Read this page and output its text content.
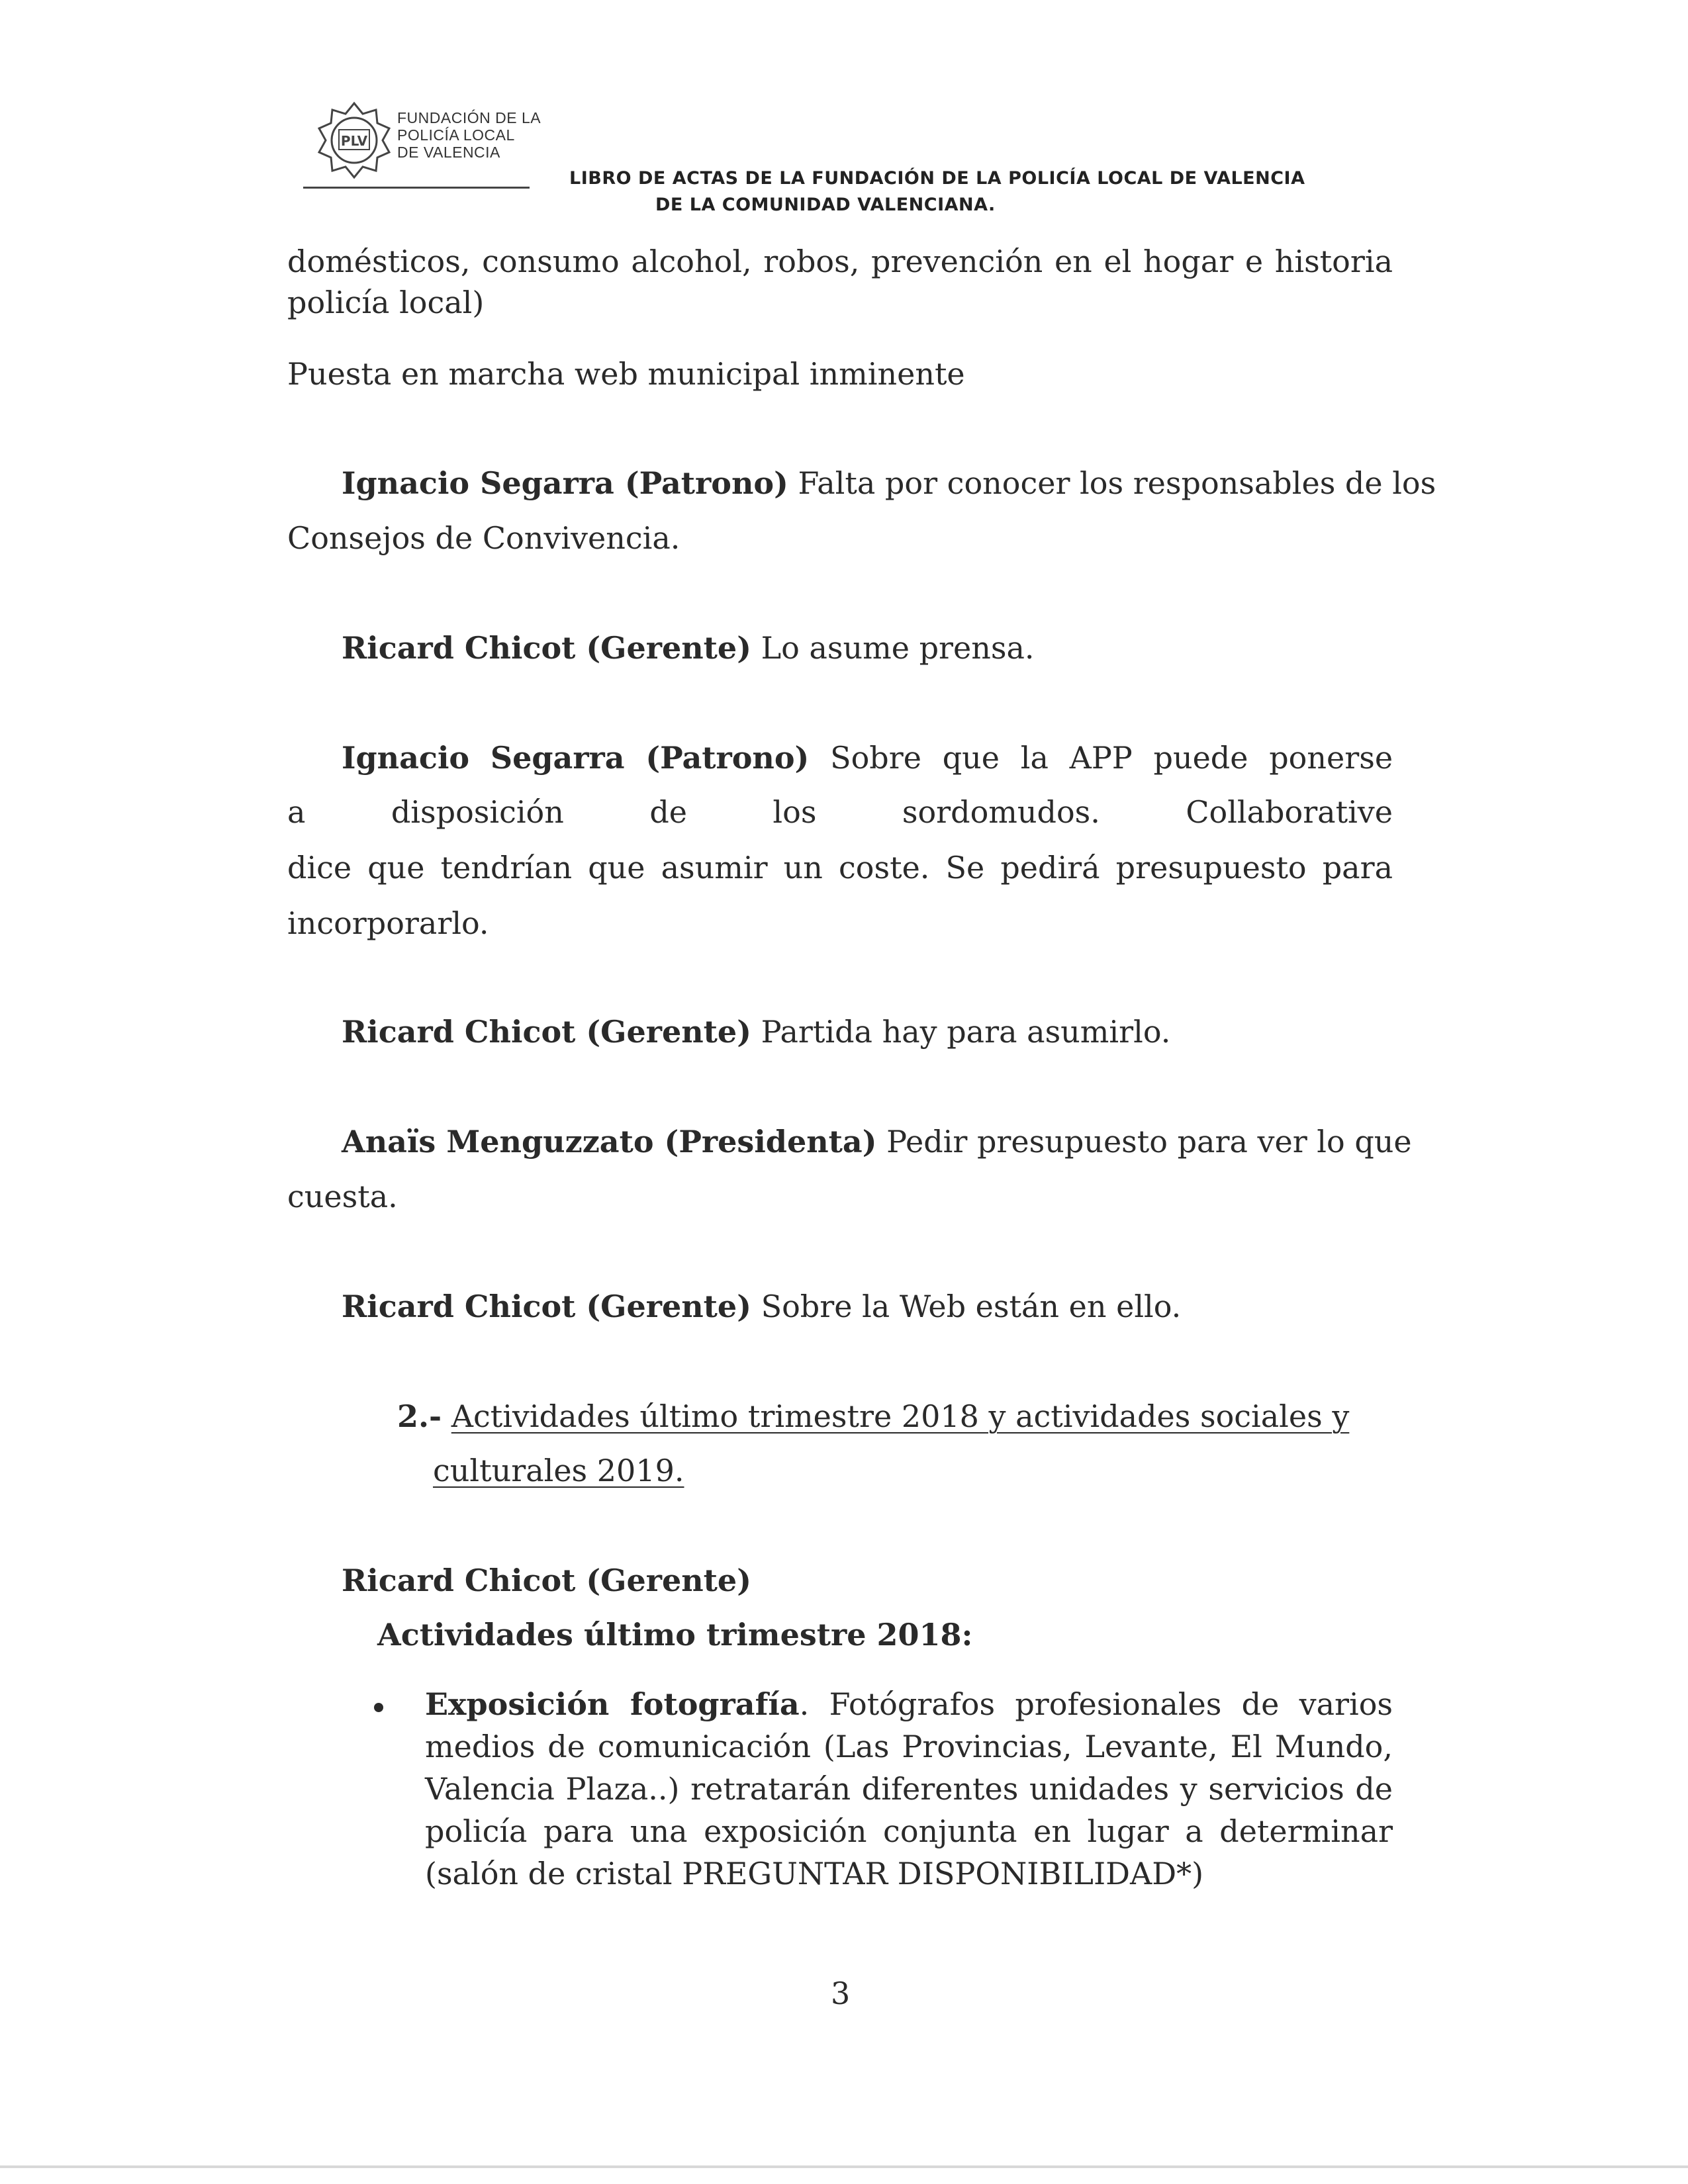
PLV
FUNDACIÓN DE LA
POLICÍA LOCAL
DE VALENCIA
LIBRO DE ACTAS DE LA FUNDACIÓN DE LA POLICÍA LOCAL DE VALENCIA
DE LA COMUNIDAD VALENCIANA.
domésticos, consumo alcohol, robos, prevención en el hogar e historia
policía local)
Puesta en marcha web municipal inminente
Ignacio Segarra (Patrono) Falta por conocer los responsables de los
Consejos de Convivencia.
Ricard Chicot (Gerente) Lo asume prensa.
Ignacio Segarra (Patrono) Sobre que la APP puede ponerse
a	disposición	de	los	sordomudos.	Collaborative
dice que tendrían que asumir un coste. Se pedirá presupuesto para
incorporarlo.
Ricard Chicot (Gerente) Partida hay para asumirlo.
Anaïs Menguzzato (Presidenta) Pedir presupuesto para ver lo que
cuesta.
Ricard Chicot (Gerente) Sobre la Web están en ello.
2.- Actividades último trimestre 2018 y actividades sociales y
culturales 2019.
Ricard Chicot (Gerente)
Actividades último trimestre 2018:
Exposición fotografía. Fotógrafos profesionales de varios
medios de comunicación (Las Provincias, Levante, El Mundo,
Valencia Plaza..) retratarán diferentes unidades y servicios de
policía para una exposición conjunta en lugar a determinar
(salón de cristal PREGUNTAR DISPONIBILIDAD*)
3
